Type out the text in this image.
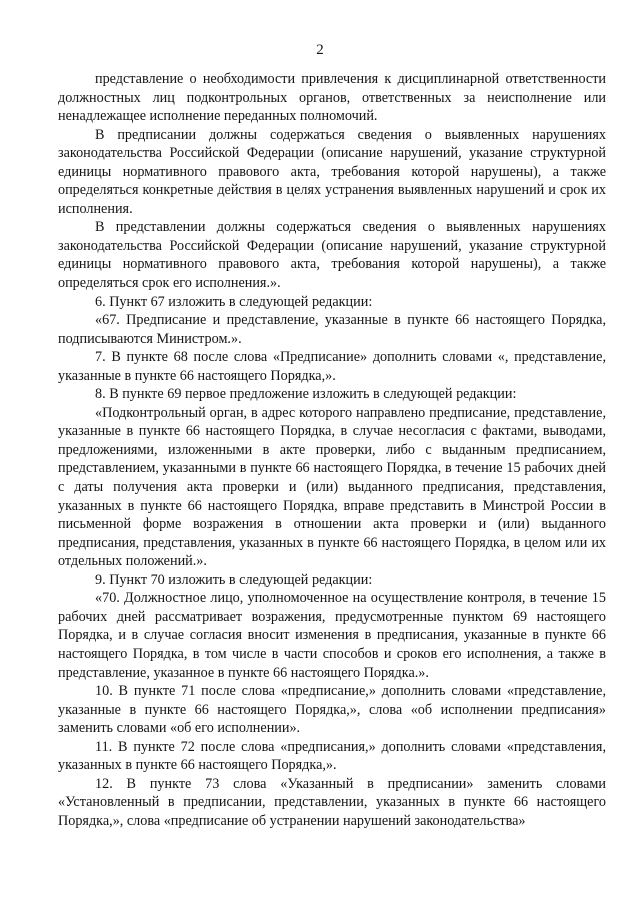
2

представление о необходимости привлечения к дисциплинарной ответственности должностных лиц подконтрольных органов, ответственных за неисполнение или ненадлежащее исполнение переданных полномочий.

В предписании должны содержаться сведения о выявленных нарушениях законодательства Российской Федерации (описание нарушений, указание структурной единицы нормативного правового акта, требования которой нарушены), а также определяться конкретные действия в целях устранения выявленных нарушений и срок их исполнения.

В представлении должны содержаться сведения о выявленных нарушениях законодательства Российской Федерации (описание нарушений, указание структурной единицы нормативного правового акта, требования которой нарушены), а также определяться срок его исполнения.».

6. Пункт 67 изложить в следующей редакции:

«67. Предписание и представление, указанные в пункте 66 настоящего Порядка, подписываются Министром.».

7. В пункте 68 после слова «Предписание» дополнить словами «, представление, указанные в пункте 66 настоящего Порядка,».

8. В пункте 69 первое предложение изложить в следующей редакции:

«Подконтрольный орган, в адрес которого направлено предписание, представление, указанные в пункте 66 настоящего Порядка, в случае несогласия с фактами, выводами, предложениями, изложенными в акте проверки, либо с выданным предписанием, представлением, указанными в пункте 66 настоящего Порядка, в течение 15 рабочих дней с даты получения акта проверки и (или) выданного предписания, представления, указанных в пункте 66 настоящего Порядка, вправе представить в Минстрой России в письменной форме возражения в отношении акта проверки и (или) выданного предписания, представления, указанных в пункте 66 настоящего Порядка, в целом или их отдельных положений.».

9. Пункт 70 изложить в следующей редакции:

«70. Должностное лицо, уполномоченное на осуществление контроля, в течение 15 рабочих дней рассматривает возражения, предусмотренные пунктом 69 настоящего Порядка, и в случае согласия вносит изменения в предписания, указанные в пункте 66 настоящего Порядка, в том числе в части способов и сроков его исполнения, а также в представление, указанное в пункте 66 настоящего Порядка.».

10. В пункте 71 после слова «предписание,» дополнить словами «представление, указанные в пункте 66 настоящего Порядка,», слова «об исполнении предписания» заменить словами «об его исполнении».

11. В пункте 72 после слова «предписания,» дополнить словами «представления, указанных в пункте 66 настоящего Порядка,».

12. В пункте 73 слова «Указанный в предписании» заменить словами «Установленный в предписании, представлении, указанных в пункте 66 настоящего Порядка,», слова «предписание об устранении нарушений законодательства»
